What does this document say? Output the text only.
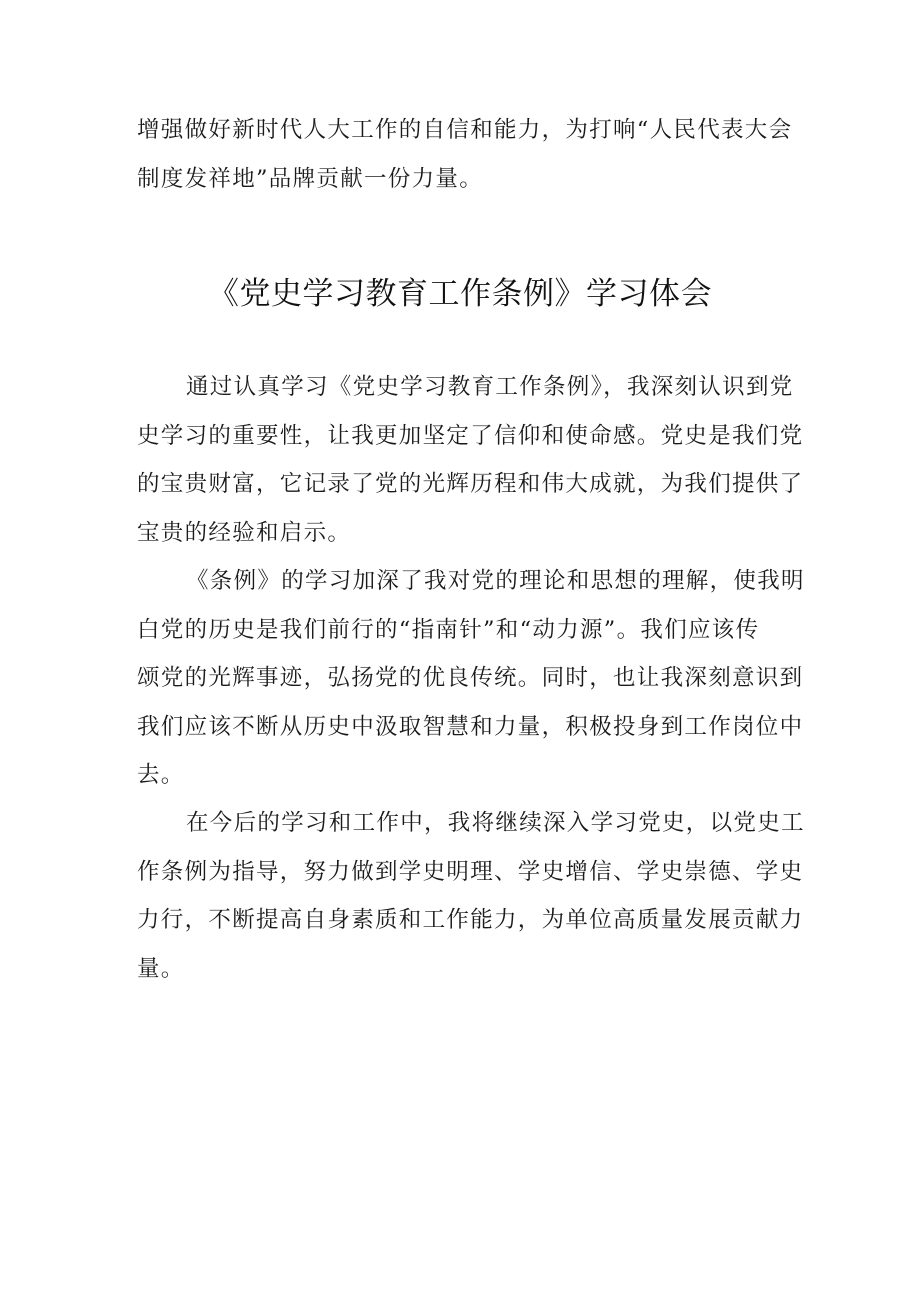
增强做好新时代人大工作的自信和能力，为打响“人民代表大会
制度发祥地”品牌贡献一份力量。

《党史学习教育工作条例》学习体会

通过认真学习《党史学习教育工作条例》，我深刻认识到党
史学习的重要性，让我更加坚定了信仰和使命感。党史是我们党
的宝贵财富，它记录了党的光辉历程和伟大成就，为我们提供了
宝贵的经验和启示。

《条例》的学习加深了我对党的理论和思想的理解，使我明
白党的历史是我们前行的“指南针”和“动力源”。我们应该传
颂党的光辉事迹，弘扬党的优良传统。同时，也让我深刻意识到
我们应该不断从历史中汲取智慧和力量，积极投身到工作岗位中
去。

在今后的学习和工作中，我将继续深入学习党史，以党史工
作条例为指导，努力做到学史明理、学史增信、学史崇德、学史
力行，不断提高自身素质和工作能力，为单位高质量发展贡献力
量。
